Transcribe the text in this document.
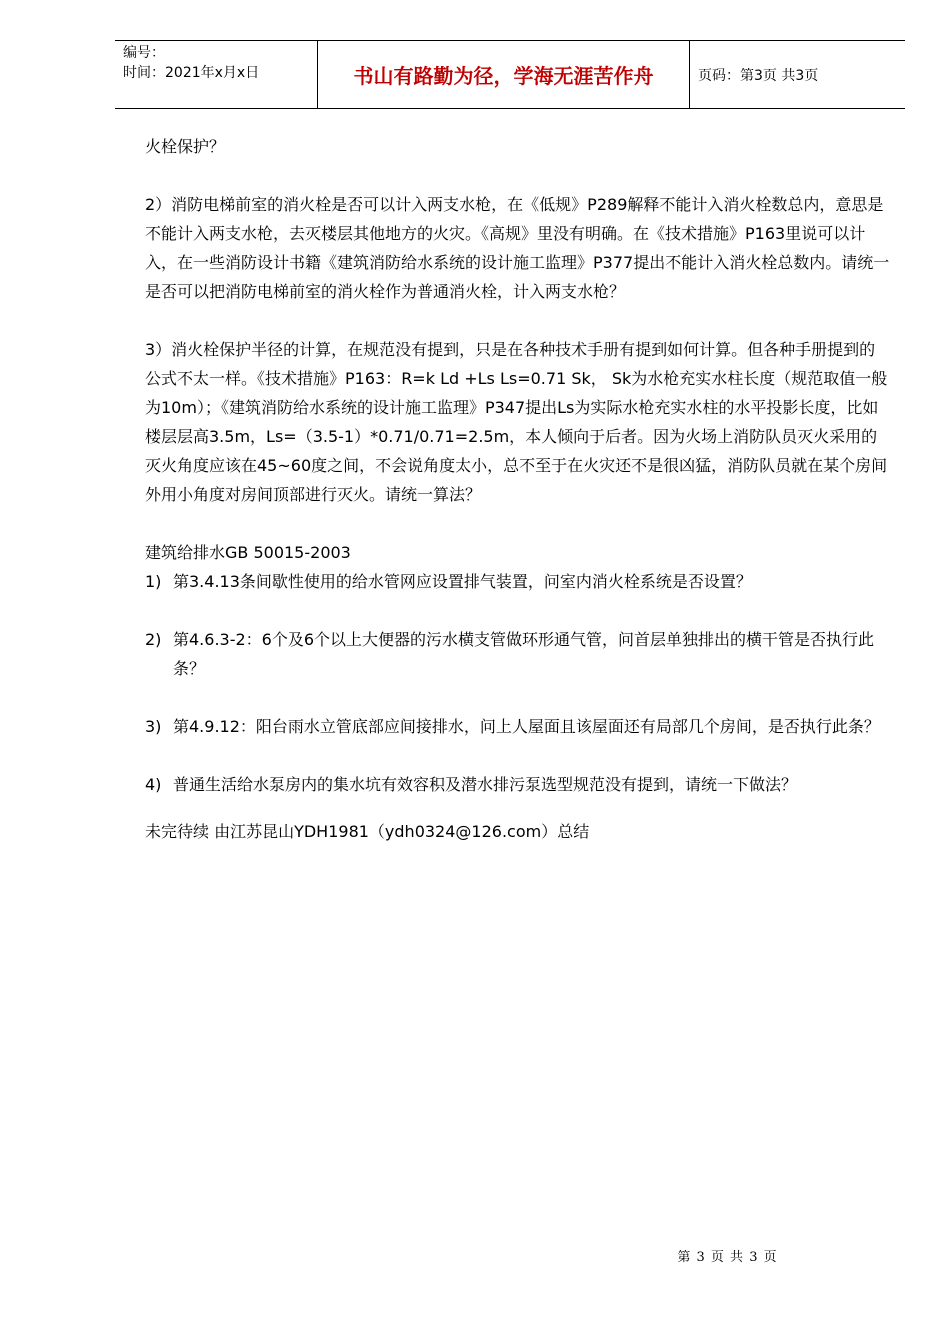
编号：
时间：2021年x月x日	书山有路勤为径，学海无涯苦作舟	页码：第3页 共3页

火栓保护？

2）消防电梯前室的消火栓是否可以计入两支水枪，在《低规》P289解释不能计入消火栓数总内，意思是不能计入两支水枪，去灭楼层其他地方的火灾。《高规》里没有明确。在《技术措施》P163里说可以计入，在一些消防设计书籍《建筑消防给水系统的设计施工监理》P377提出不能计入消火栓总数内。请统一是否可以把消防电梯前室的消火栓作为普通消火栓，计入两支水枪？

3）消火栓保护半径的计算，在规范没有提到，只是在各种技术手册有提到如何计算。但各种手册提到的公式不太一样。《技术措施》P163：R=k Ld +Ls Ls=0.71 Sk， Sk为水枪充实水柱长度（规范取值一般为10m）；《建筑消防给水系统的设计施工监理》P347提出Ls为实际水枪充实水柱的水平投影长度，比如楼层层高3.5m，Ls=（3.5-1）*0.71/0.71=2.5m，本人倾向于后者。因为火场上消防队员灭火采用的灭火角度应该在45~60度之间，不会说角度太小，总不至于在火灾还不是很凶猛，消防队员就在某个房间外用小角度对房间顶部进行灭火。请统一算法？

建筑给排水GB 50015-2003

1) 第3.4.13条间歇性使用的给水管网应设置排气装置，问室内消火栓系统是否设置？
2) 第4.6.3-2：6个及6个以上大便器的污水横支管做环形通气管，问首层单独排出的横干管是否执行此条？
3) 第4.9.12：阳台雨水立管底部应间接排水，问上人屋面且该屋面还有局部几个房间，是否执行此条？
4) 普通生活给水泵房内的集水坑有效容积及潜水排污泵选型规范没有提到，请统一下做法？

未完待续 由江苏昆山YDH1981（ydh0324@126.com）总结

第 3 页 共 3 页
